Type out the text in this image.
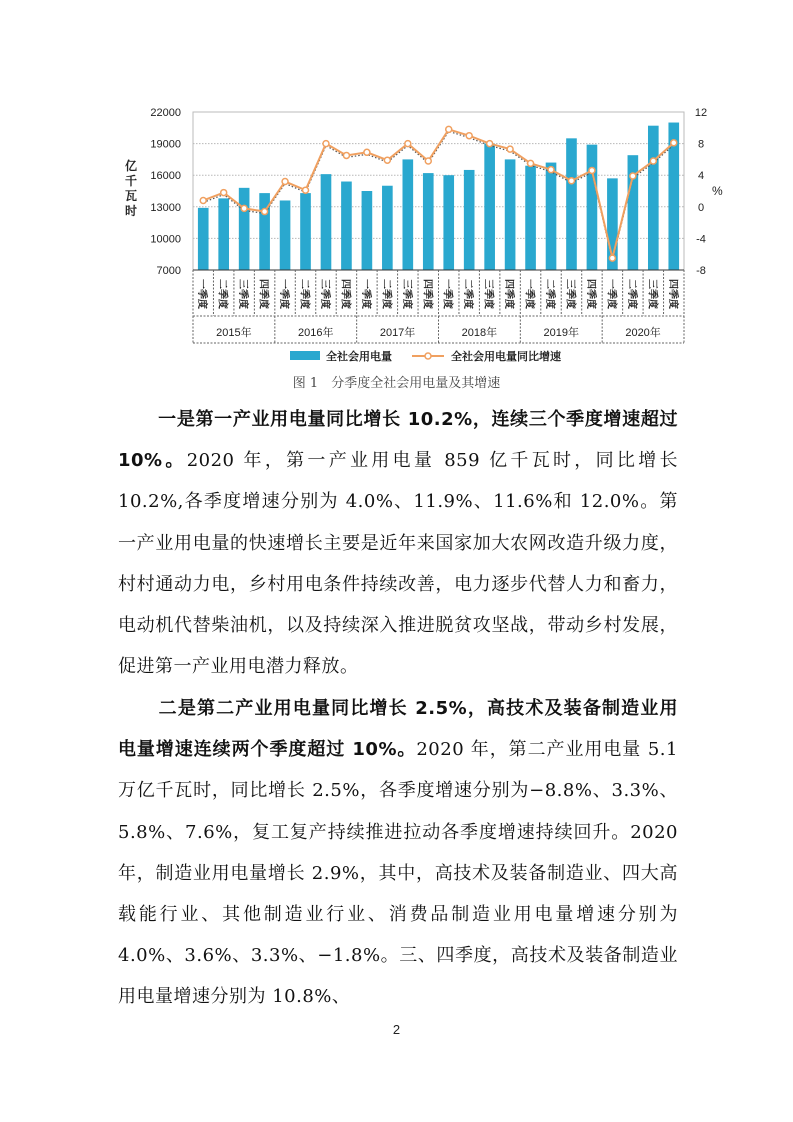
22000
19000
16000
13000
10000
7000
12
8
4
0
-4
-8
亿
千
瓦
时
%
一季度 二季度 三季度 四季度 一季度 二季度 三季度 四季度 一季度 二季度 三季度 四季度 一季度 二季度 三季度 四季度 一季度 二季度 三季度 四季度 一季度 二季度 三季度 四季度
2015年	2016年	2017年	2018年	2019年	2020年
全社会用电量	全社会用电量同比增速
图 1　分季度全社会用电量及其增速

一是第一产业用电量同比增长 10.2%，连续三个季度增速超过 10%。2020 年，第一产业用电量 859 亿千瓦时，同比增长 10.2%,各季度增速分别为 4.0%、11.9%、11.6%和 12.0%。第一产业用电量的快速增长主要是近年来国家加大农网改造升级力度，村村通动力电，乡村用电条件持续改善，电力逐步代替人力和畜力，电动机代替柴油机，以及持续深入推进脱贫攻坚战，带动乡村发展，促进第一产业用电潜力释放。

二是第二产业用电量同比增长 2.5%，高技术及装备制造业用电量增速连续两个季度超过 10%。2020 年，第二产业用电量 5.1 万亿千瓦时，同比增长 2.5%，各季度增速分别为−8.8%、3.3%、5.8%、7.6%，复工复产持续推进拉动各季度增速持续回升。2020 年，制造业用电量增长 2.9%，其中，高技术及装备制造业、四大高载能行业、其他制造业行业、消费品制造业用电量增速分别为 4.0%、3.6%、3.3%、−1.8%。三、四季度，高技术及装备制造业用电量增速分别为 10.8%、

2
